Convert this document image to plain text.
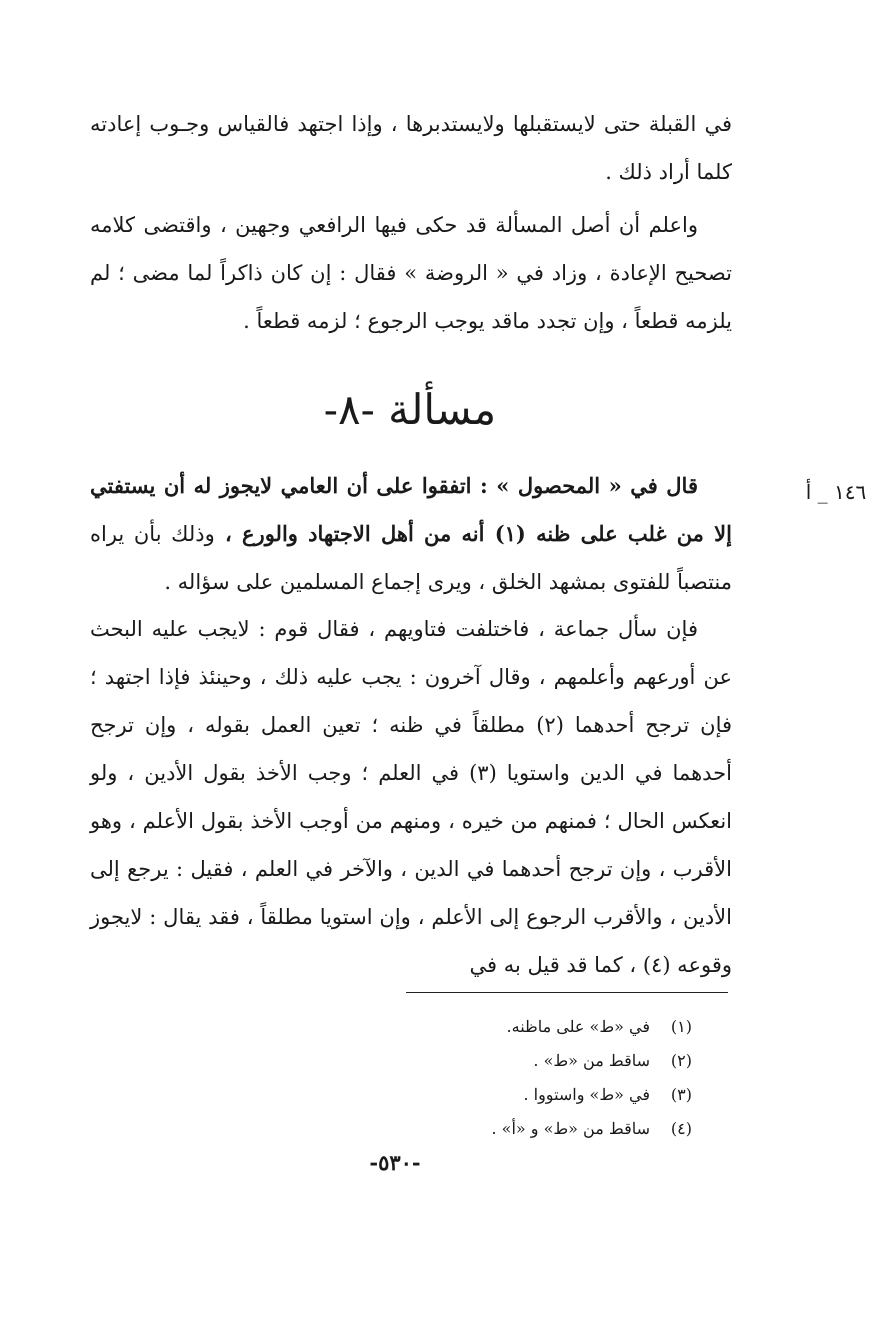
في القبلة حتى لايستقبلها ولايستدبرها ، وإذا اجتهد فالقياس وجـوب إعادته كلما أراد ذلك .

واعلم أن أصل المسألة قد حكى فيها الرافعي وجهين ، واقتضى كلامه تصحيح الإعادة ، وزاد في « الروضة » فقال : إن كان ذاكراً لما مضى ؛ لم يلزمه قطعاً ، وإن تجدد ماقد يوجب الرجوع ؛ لزمه قطعاً .

مسألة -٨-
١٤٦ _ أ

قال في « المحصول » : اتفقوا على أن العامي لايجوز له أن يستفتي إلا من غلب على ظنه (١) أنه من أهل الاجتهاد والورع ، وذلك بأن يراه منتصباً للفتوى بمشهد الخلق ، ويرى إجماع المسلمين على سؤاله .

فإن سأل جماعة ، فاختلفت فتاويهم ، فقال قوم : لايجب عليه البحث عن أورعهم وأعلمهم ، وقال آخرون : يجب عليه ذلك ، وحينئذ فإذا اجتهد ؛ فإن ترجح أحدهما (٢) مطلقاً في ظنه ؛ تعين العمل بقوله ، وإن ترجح أحدهما في الدين واستويا (٣) في العلم ؛ وجب الأخذ بقول الأدين ، ولو انعكس الحال ؛ فمنهم من خيره ، ومنهم من أوجب الأخذ بقول الأعلم ، وهو الأقرب ، وإن ترجح أحدهما في الدين ، والآخر في العلم ، فقيل : يرجع إلى الأدين ، والأقرب الرجوع إلى الأعلم ، وإن استويا مطلقاً ، فقد يقال : لايجوز وقوعه (٤) ، كما قد قيل به في

(١)في «ط» على ماظنه.
(٢)ساقط من «ط» .
(٣)في «ط» واستووا .
(٤)ساقط من «ط» و «أ» .
-٥٣٠-
